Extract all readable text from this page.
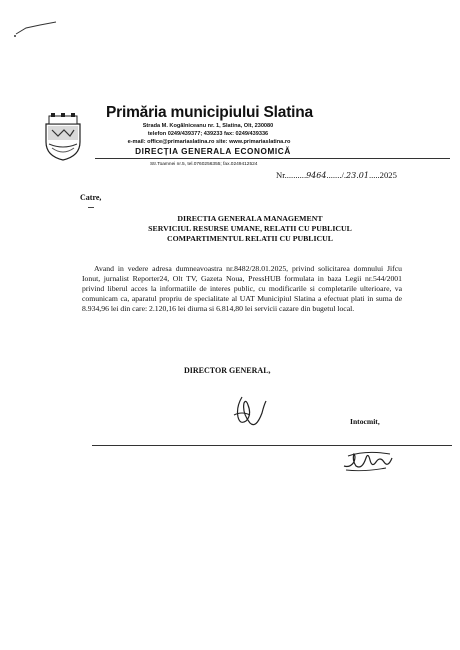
Primăria municipiului Slatina
Strada M. Kogălniceanu nr. 1, Slatina, Olt, 230080
telefon 0249/439377; 439233 fax: 0249/439336
e-mail: office@primariaslatina.ro site: www.primariaslatina.ro
DIRECȚIA GENERALA ECONOMICĂ
Str.Toamnei nr.5, tel.0760256355; fax.0249412524
Nr..........9464......./.23.01.....2025
Catre,
DIRECTIA GENERALA MANAGEMENT
SERVICIUL RESURSE UMANE, RELATII CU PUBLICUL
COMPARTIMENTUL RELATII CU PUBLICUL

Avand in vedere adresa dumneavoastra nr.8482/28.01.2025, privind solicitarea domnului Jifcu Ionut, jurnalist Reporter24, Olt TV, Gazeta Noua, PressHUB formulata in baza Legii nr.544/2001 privind liberul acces la informatiile de interes public, cu modificarile si completarile ulterioare, va comunicam ca, aparatul propriu de specialitate al UAT Municipiul Slatina a efectuat plati in suma de 8.934,96 lei din care: 2.120,16 lei diurna si 6.814,80 lei servicii cazare din bugetul local.

DIRECTOR GENERAL,
Intocmit,
